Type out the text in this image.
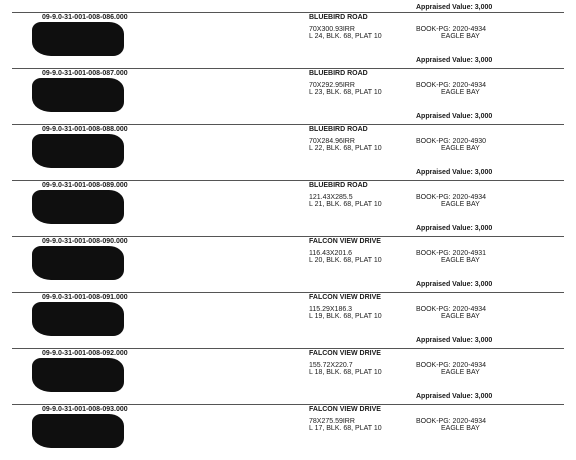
Appraised Value: 3,000
09-9.0-31-001-008-086.000	BLUEBIRD ROAD
70X300.93IRR
L 24, BLK. 68, PLAT 10
BOOK-PG: 2020-4934
EAGLE BAY
Appraised Value: 3,000
09-9.0-31-001-008-087.000	BLUEBIRD ROAD
70X292.95IRR
L 23, BLK. 68, PLAT 10
BOOK-PG: 2020-4934
EAGLE BAY
Appraised Value: 3,000
09-9.0-31-001-008-088.000	BLUEBIRD ROAD
70X284.96IRR
L 22, BLK. 68, PLAT 10
BOOK-PG: 2020-4930
EAGLE BAY
Appraised Value: 3,000
09-9.0-31-001-008-089.000	BLUEBIRD ROAD
121.43X285.5
L 21, BLK. 68, PLAT 10
BOOK-PG: 2020-4934
EAGLE BAY
Appraised Value: 3,000
09-9.0-31-001-008-090.000	FALCON VIEW DRIVE
116.43X201.6
L 20, BLK. 68, PLAT 10
BOOK-PG: 2020-4931
EAGLE BAY
Appraised Value: 3,000
09-9.0-31-001-008-091.000	FALCON VIEW DRIVE
115.29X186.3
L 19, BLK. 68, PLAT 10
BOOK-PG: 2020-4934
EAGLE BAY
Appraised Value: 3,000
09-9.0-31-001-008-092.000	FALCON VIEW DRIVE
155.72X220.7
L 18, BLK. 68, PLAT 10
BOOK-PG: 2020-4934
EAGLE BAY
Appraised Value: 3,000
09-9.0-31-001-008-093.000	FALCON VIEW DRIVE
78X275.59IRR
L 17, BLK. 68, PLAT 10
BOOK-PG: 2020-4934
EAGLE BAY
